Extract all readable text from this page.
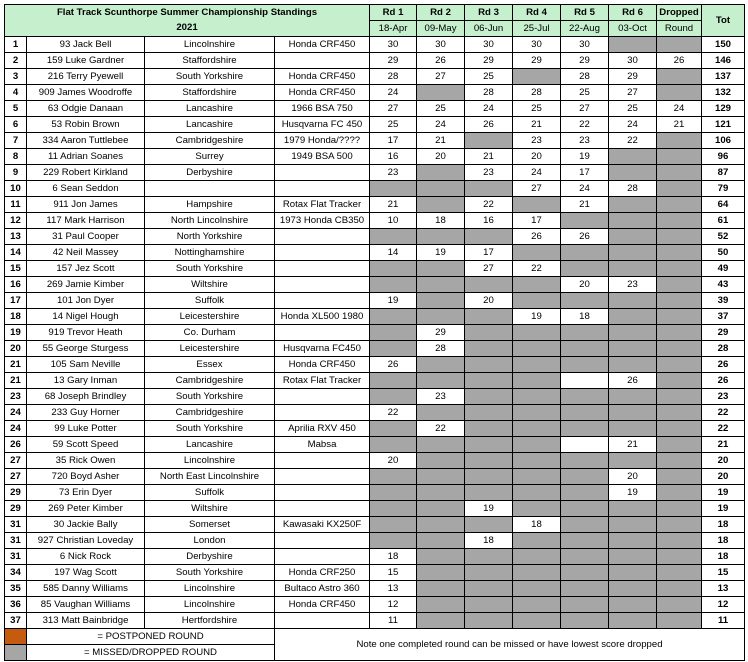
Flat Track Scunthorpe Summer Championship Standings
2021				Rd 1	Rd 2	Rd 3	Rd 4	Rd 5	Rd 6	Dropped	Tot
				18-Apr	09-May	06-Jun	25-Jul	22-Aug	03-Oct	Round	
1	93 Jack Bell	Lincolnshire	Honda CRF450	30	30	30	30	30			150
2	159 Luke Gardner	Staffordshire		29	26	29	29	29	30	26	146
3	216 Terry Pyewell	South Yorkshire	Honda CRF450	28	27	25		28	29		137
4	909 James Woodroffe	Staffordshire	Honda CRF450	24		28	28	25	27		132
5	63 Odgie Danaan	Lancashire	1966 BSA 750	27	25	24	25	27	25	24	129
6	53 Robin Brown	Lancashire	Husqvarna FC 450	25	24	26	21	22	24	21	121
7	334 Aaron Tuttlebee	Cambridgeshire	1979 Honda/????	17	21		23	23	22		106
8	11 Adrian Soanes	Surrey	1949 BSA 500	16	20	21	20	19			96
9	229 Robert Kirkland	Derbyshire		23		23	24	17			87
10	6 Sean Seddon						27	24	28		79
11	911 Jon James	Hampshire	Rotax Flat Tracker	21		22		21			64
12	117 Mark Harrison	North Lincolnshire	1973 Honda CB350	10	18	16	17				61
13	31 Paul Cooper	North Yorkshire					26	26			52
14	42 Neil Massey	Nottinghamshire		14	19	17					50
15	157 Jez Scott	South Yorkshire				27	22				49
16	269 Jamie Kimber	Wiltshire						20	23		43
17	101 Jon Dyer	Suffolk		19		20					39
18	14 Nigel Hough	Leicestershire	Honda XL500 1980				19	18			37
19	919 Trevor Heath	Co. Durham			29						29
20	55 George Sturgess	Leicestershire	Husqvarna FC450		28						28
21	105 Sam Neville	Essex	Honda CRF450	26							26
21	13 Gary Inman	Cambridgeshire	Rotax Flat Tracker						26		26
23	68 Joseph Brindley	South Yorkshire			23						23
24	233 Guy Horner	Cambridgeshire		22							22
24	99 Luke Potter	South Yorkshire	Aprilia RXV 450		22						22
26	59 Scott Speed	Lancashire	Mabsa						21		21
27	35 Rick Owen	Lincolnshire		20							20
27	720 Boyd Asher	North East Lincolnshire							20		20
29	73 Erin Dyer	Suffolk							19		19
29	269 Peter Kimber	Wiltshire				19					19
31	30 Jackie Bally	Somerset	Kawasaki KX250F				18				18
31	927 Christian Loveday	London				18					18
31	6 Nick Rock	Derbyshire		18							18
34	197 Wag Scott	South Yorkshire	Honda CRF250	15							15
35	585 Danny Williams	Lincolnshire	Bultaco Astro 360	13							13
36	85 Vaughan Williams	Lincolnshire	Honda CRF450	12							12
37	313 Matt Bainbridge	Hertfordshire		11							11
	= POSTPONED ROUND		Note one completed round can be missed or have lowest score dropped								
	= MISSED/DROPPED ROUND										
